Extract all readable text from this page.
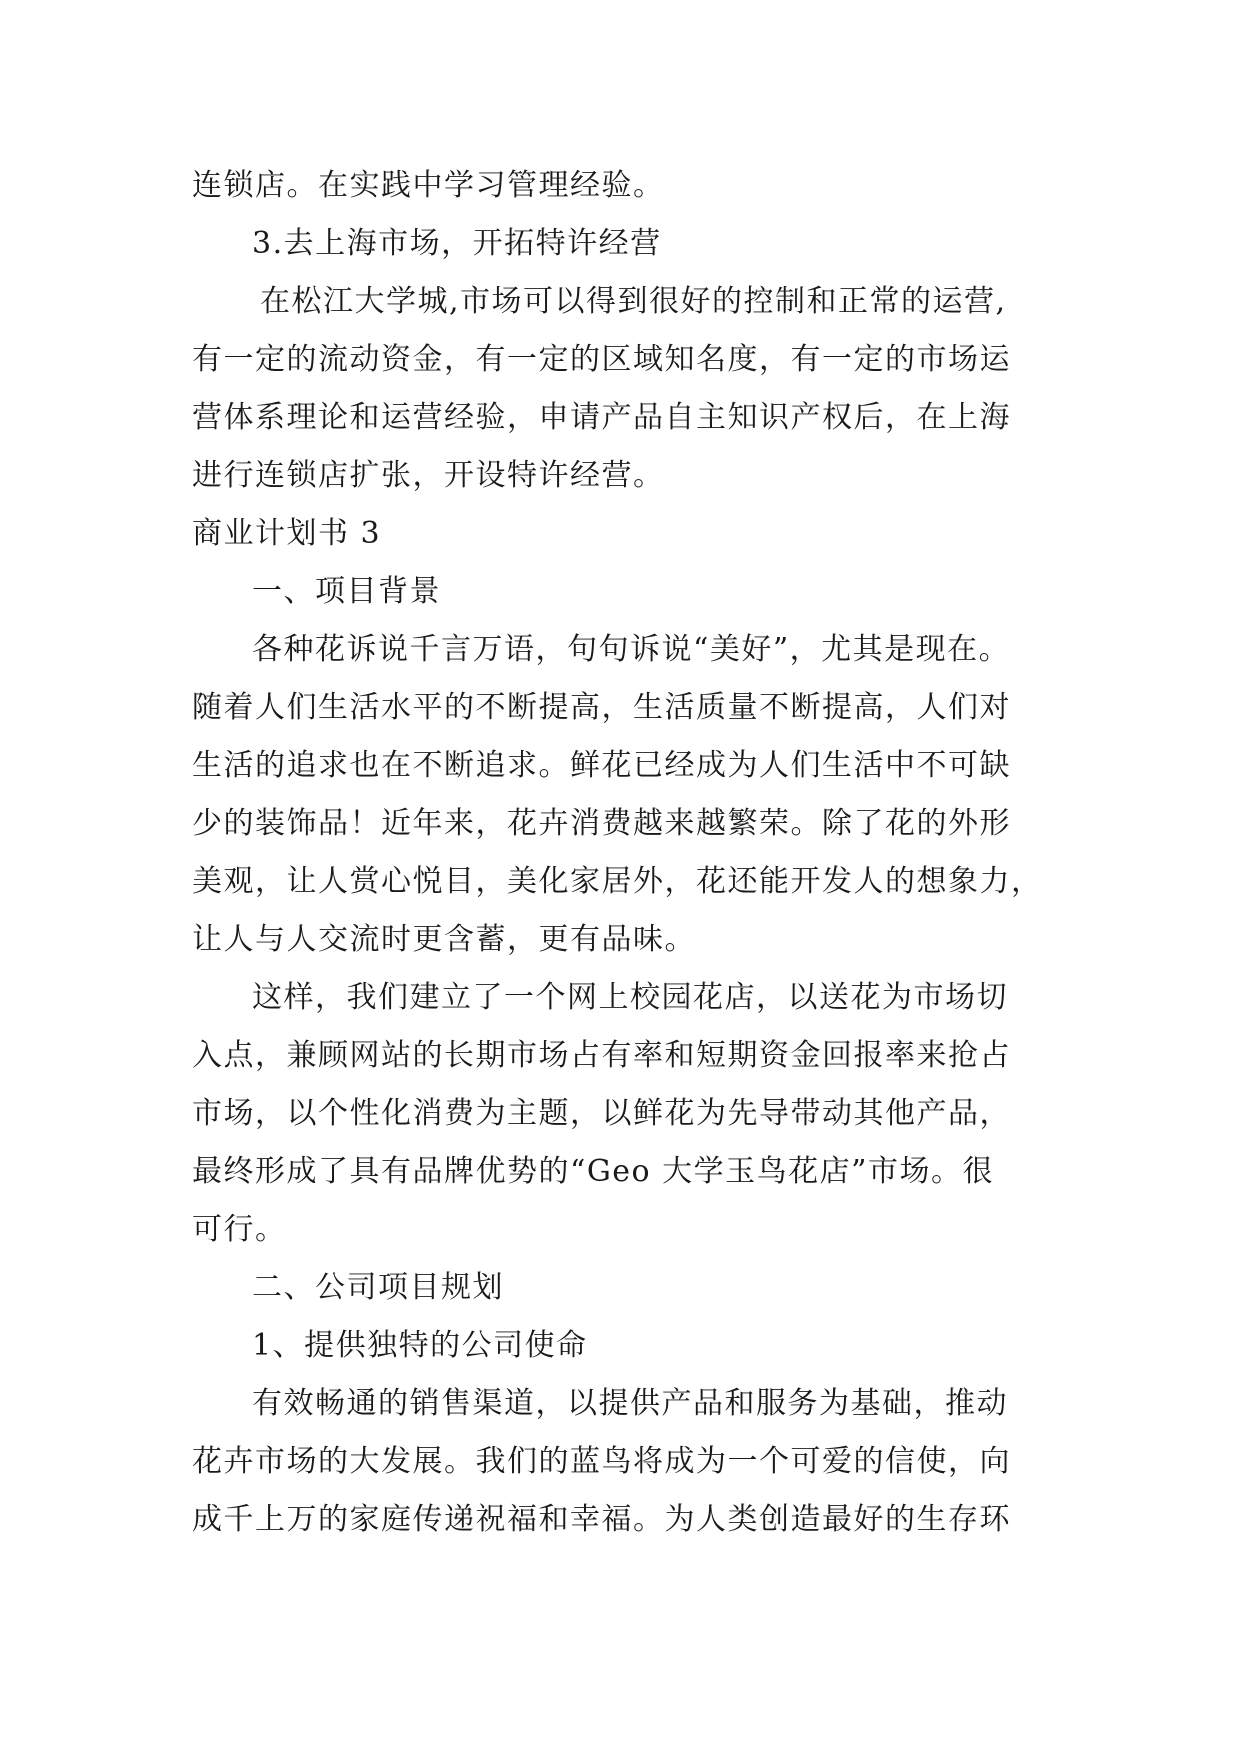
连锁店。在实践中学习管理经验。
3.去上海市场，开拓特许经营
在松江大学城,市场可以得到很好的控制和正常的运营,
有一定的流动资金，有一定的区域知名度，有一定的市场运
营体系理论和运营经验，申请产品自主知识产权后，在上海
进行连锁店扩张，开设特许经营。
商业计划书 3
一、项目背景
各种花诉说千言万语，句句诉说“美好”，尤其是现在。
随着人们生活水平的不断提高，生活质量不断提高，人们对
生活的追求也在不断追求。鲜花已经成为人们生活中不可缺
少的装饰品！近年来，花卉消费越来越繁荣。除了花的外形
美观，让人赏心悦目，美化家居外，花还能开发人的想象力，
让人与人交流时更含蓄，更有品味。
这样，我们建立了一个网上校园花店，以送花为市场切
入点，兼顾网站的长期市场占有率和短期资金回报率来抢占
市场，以个性化消费为主题，以鲜花为先导带动其他产品，
最终形成了具有品牌优势的“Geo 大学玉鸟花店”市场。很
可行。
二、公司项目规划
1、提供独特的公司使命
有效畅通的销售渠道，以提供产品和服务为基础，推动
花卉市场的大发展。我们的蓝鸟将成为一个可爱的信使，向
成千上万的家庭传递祝福和幸福。为人类创造最好的生存环
